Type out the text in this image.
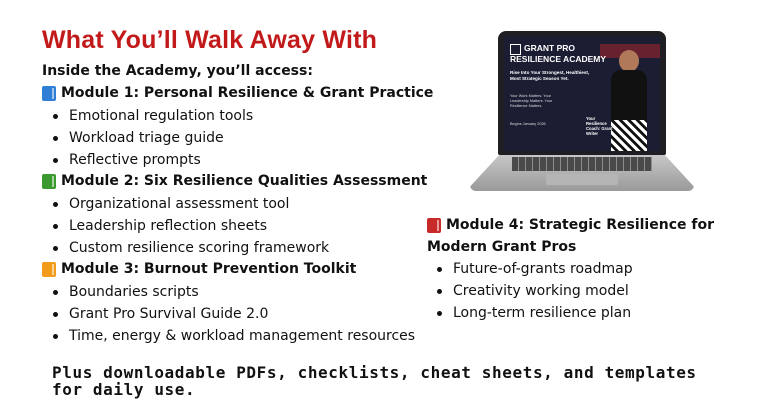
What You’ll Walk Away With
Inside the Academy, you’ll access:
Module 1: Personal Resilience & Grant Practice
Emotional regulation tools
Workload triage guide
Reflective prompts
Module 2: Six Resilience Qualities Assessment
Organizational assessment tool
Leadership reflection sheets
Custom resilience scoring framework
Module 3: Burnout Prevention Toolkit
Boundaries scripts
Grant Pro Survival Guide 2.0
Time, energy & workload management resources
Module 4: Strategic Resilience for
Modern Grant Pros
Future-of-grants roadmap
Creativity working model
Long-term resilience plan
GRANT PRO
RESILIENCE ACADEMY
Rise Into Your Strongest, Healthiest, Most Strategic Season Yet.
Your Work Matters. Your Leadership Matters. Your Resilience Matters.
Begins January 2026
Your Resilience Coach: Grant Writer
Plus downloadable PDFs, checklists, cheat sheets, and templates
for daily use.
